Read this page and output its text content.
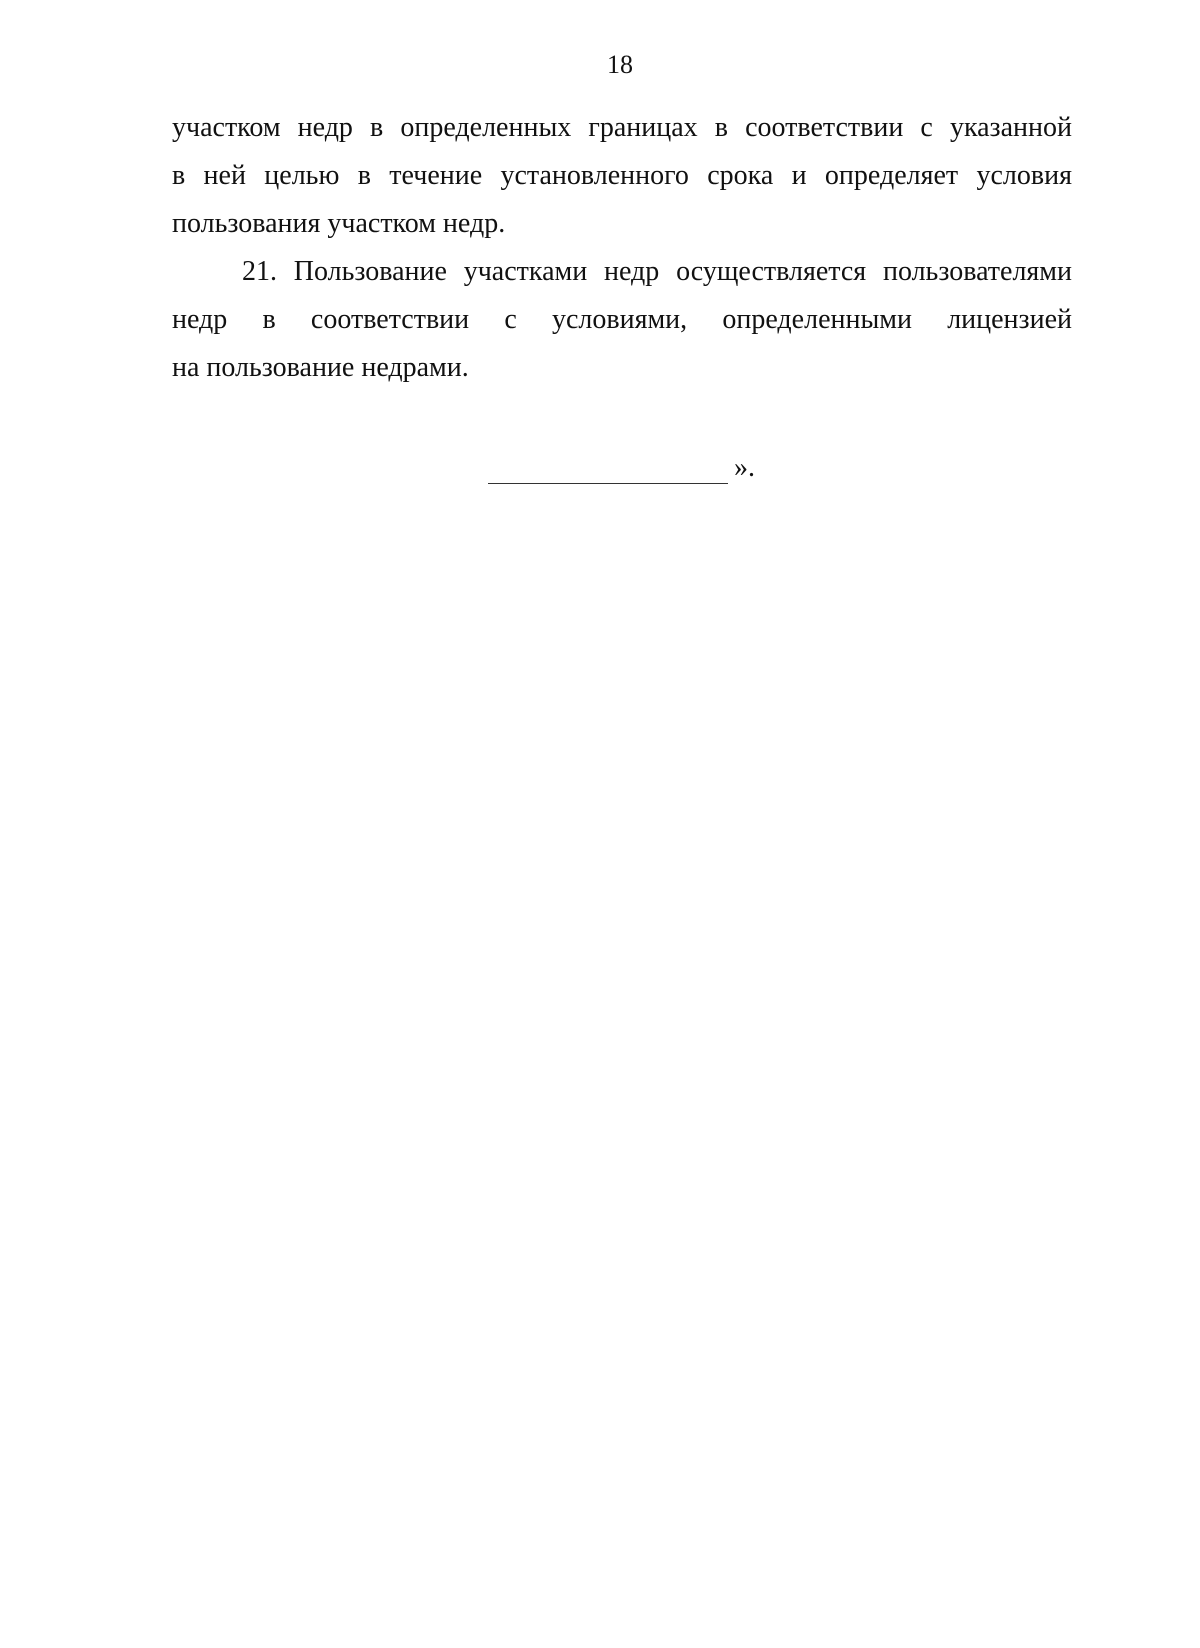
18
участком недр в определенных границах в соответствии с указанной
в ней целью в течение установленного срока и определяет условия
пользования участком недр.
21. Пользование участками недр осуществляется пользователями
недр в соответствии с условиями, определенными лицензией
на пользование недрами.
».
